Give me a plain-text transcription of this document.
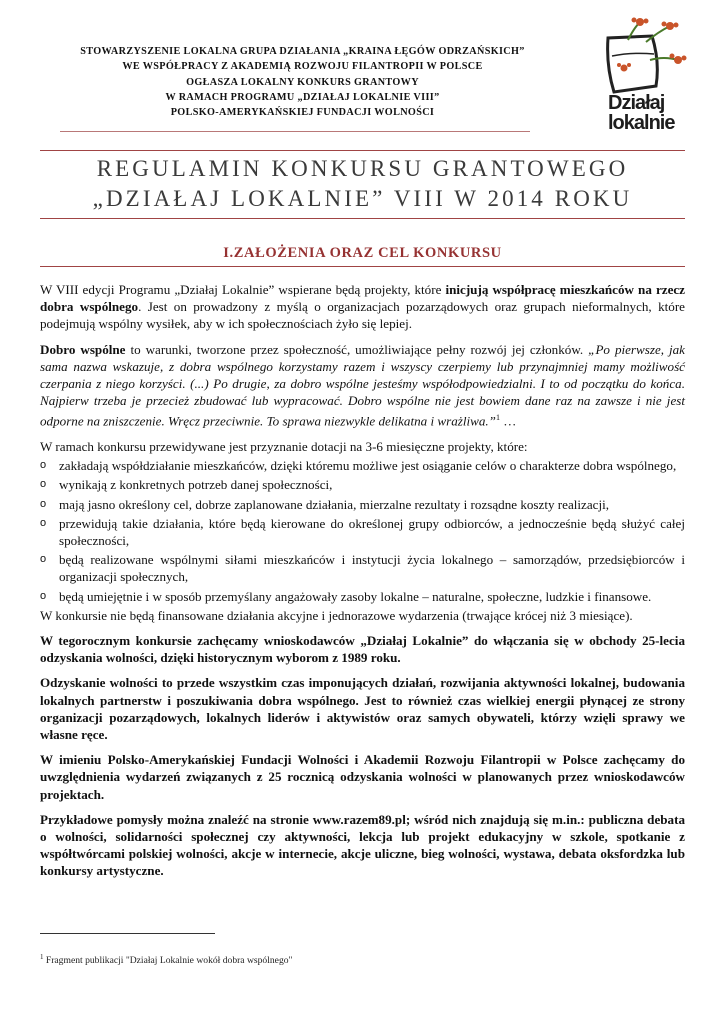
STOWARZYSZENIE LOKALNA GRUPA DZIAŁANIA „KRAINA ŁĘGÓW ODRZAŃSKICH”
WE WSPÓŁPRACY Z AKADEMIĄ ROZWOJU FILANTROPII W POLSCE
OGŁASZA LOKALNY KONKURS GRANTOWY
W RAMACH PROGRAMU „DZIAŁAJ LOKALNIE VIII”
POLSKO-AMERYKAŃSKIEJ FUNDACJI WOLNOŚCI	Działaj
lokalnie
REGULAMIN KONKURSU GRANTOWEGO
„DZIAŁAJ LOKALNIE” VIII W 2014 ROKU
I.ZAŁOŻENIA ORAZ CEL KONKURSU

W VIII edycji Programu „Działaj Lokalnie” wspierane będą projekty, które inicjują współpracę mieszkańców na rzecz dobra wspólnego. Jest on prowadzony z myślą o organizacjach pozarządowych oraz grupach nieformalnych, które podejmują wspólny wysiłek, aby w ich społecznościach żyło się lepiej.

Dobro wspólne to warunki, tworzone przez społeczność, umożliwiające pełny rozwój jej członków. „Po pierwsze, jak sama nazwa wskazuje, z dobra wspólnego korzystamy razem i wszyscy czerpiemy lub przynajmniej mamy możliwość czerpania z niego korzyści. (...) Po drugie, za dobro wspólne jesteśmy współodpowiedzialni. I to od początku do końca. Najpierw trzeba je przecież zbudować lub wypracować. Dobro wspólne nie jest bowiem dane raz na zawsze i nie jest odporne na zniszczenie. Wręcz przeciwnie. To sprawa niezwykle delikatna i wrażliwa.”$^1$ …

W ramach konkursu przewidywane jest przyznanie dotacji na 3-6 miesięczne projekty, które:

o zakładają współdziałanie mieszkańców, dzięki któremu możliwe jest osiąganie celów o charakterze dobra wspólnego,
o wynikają z konkretnych potrzeb danej społeczności,
o mają jasno określony cel, dobrze zaplanowane działania, mierzalne rezultaty i rozsądne koszty realizacji,
o przewidują takie działania, które będą kierowane do określonej grupy odbiorców, a jednocześnie będą służyć całej społeczności,
o będą realizowane wspólnymi siłami mieszkańców i instytucji życia lokalnego – samorządów, przedsiębiorców i organizacji społecznych,
o będą umiejętnie i w sposób przemyślany angażowały zasoby lokalne – naturalne, społeczne, ludzkie i finansowe.

W konkursie nie będą finansowane działania akcyjne i jednorazowe wydarzenia (trwające krócej niż 3 miesiące).

W tegorocznym konkursie zachęcamy wnioskodawców „Działaj Lokalnie” do włączania się w obchody 25-lecia odzyskania wolności, dzięki historycznym wyborom z 1989 roku.

Odzyskanie wolności to przede wszystkim czas imponujących działań, rozwijania aktywności lokalnej, budowania lokalnych partnerstw i poszukiwania dobra wspólnego. Jest to również czas wielkiej energii płynącej ze strony organizacji pozarządowych, lokalnych liderów i aktywistów oraz samych obywateli, którzy wzięli sprawy we własne ręce.

W imieniu Polsko-Amerykańskiej Fundacji Wolności i Akademii Rozwoju Filantropii w Polsce zachęcamy do uwzględnienia wydarzeń związanych z 25 rocznicą odzyskania wolności w planowanych przez wnioskodawców projektach.

Przykładowe pomysły można znaleźć na stronie www.razem89.pl; wśród nich znajdują się m.in.: publiczna debata o wolności, solidarności społecznej czy aktywności, lekcja lub projekt edukacyjny w szkole, spotkanie z współtwórcami polskiej wolności, akcje w internecie, akcje uliczne, bieg wolności, wystawa, debata oksfordzka lub konkursy artystyczne.

$^1$ Fragment publikacji "Działaj Lokalnie wokół dobra wspólnego"
